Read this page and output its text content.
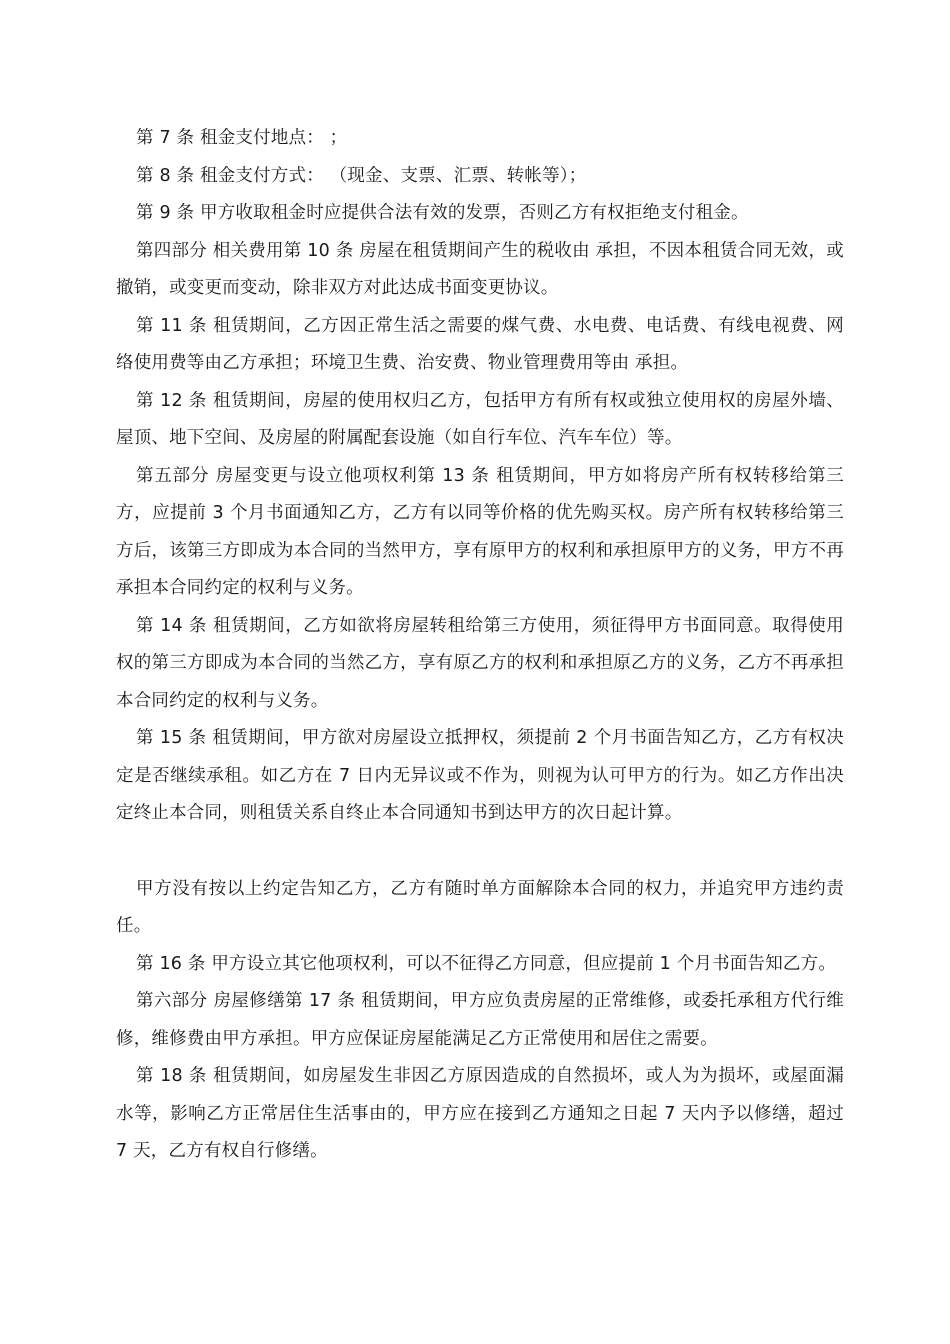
第 7 条 租金支付地点： ；

第 8 条 租金支付方式： （现金、支票、汇票、转帐等）；

第 9 条 甲方收取租金时应提供合法有效的发票，否则乙方有权拒绝支付租金。

第四部分 相关费用第 10 条 房屋在租赁期间产生的税收由 承担，不因本租赁合同无效，或撤销，或变更而变动，除非双方对此达成书面变更协议。

第 11 条 租赁期间，乙方因正常生活之需要的煤气费、水电费、电话费、有线电视费、网络使用费等由乙方承担；环境卫生费、治安费、物业管理费用等由 承担。

第 12 条 租赁期间，房屋的使用权归乙方，包括甲方有所有权或独立使用权的房屋外墙、屋顶、地下空间、及房屋的附属配套设施（如自行车位、汽车车位）等。

第五部分 房屋变更与设立他项权利第 13 条 租赁期间，甲方如将房产所有权转移给第三方，应提前 3 个月书面通知乙方，乙方有以同等价格的优先购买权。房产所有权转移给第三方后，该第三方即成为本合同的当然甲方，享有原甲方的权利和承担原甲方的义务，甲方不再承担本合同约定的权利与义务。

第 14 条 租赁期间，乙方如欲将房屋转租给第三方使用，须征得甲方书面同意。取得使用权的第三方即成为本合同的当然乙方，享有原乙方的权利和承担原乙方的义务，乙方不再承担本合同约定的权利与义务。

第 15 条 租赁期间，甲方欲对房屋设立抵押权，须提前 2 个月书面告知乙方，乙方有权决定是否继续承租。如乙方在 7 日内无异议或不作为，则视为认可甲方的行为。如乙方作出决定终止本合同，则租赁关系自终止本合同通知书到达甲方的次日起计算。

甲方没有按以上约定告知乙方，乙方有随时单方面解除本合同的权力，并追究甲方违约责任。

第 16 条 甲方设立其它他项权利，可以不征得乙方同意，但应提前 1 个月书面告知乙方。

第六部分 房屋修缮第 17 条 租赁期间，甲方应负责房屋的正常维修，或委托承租方代行维修，维修费由甲方承担。甲方应保证房屋能满足乙方正常使用和居住之需要。

第 18 条 租赁期间，如房屋发生非因乙方原因造成的自然损坏，或人为为损坏，或屋面漏水等，影响乙方正常居住生活事由的，甲方应在接到乙方通知之日起 7 天内予以修缮，超过 7 天，乙方有权自行修缮。
